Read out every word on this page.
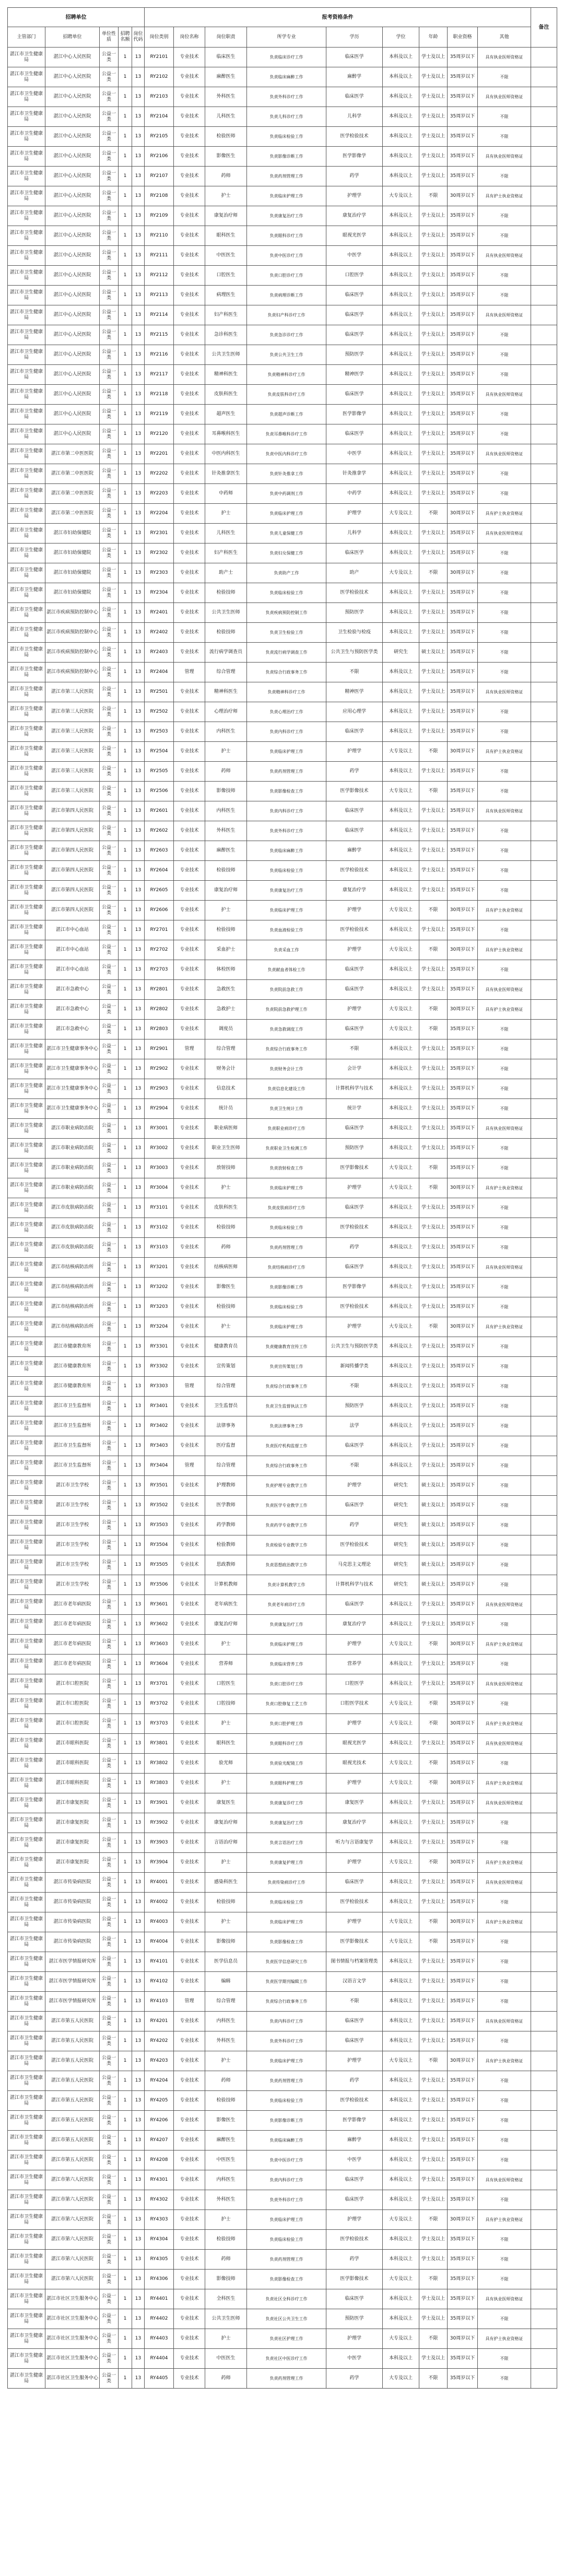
招聘单位					报考资格条件									备注
主管部门	招聘单位	单位性质	招聘名额	岗位代码	岗位类别	岗位名称	岗位职责	所学专业	学历	学位	年龄	职业资格	其他	
湛江市卫生健康局	湛江中心人民医院	公益一类	1	13	RY2101	专业技术	临床医生	负责临床诊疗工作	临床医学	本科及以上	学士及以上	35周岁以下	具有执业医师资格证	
湛江市卫生健康局	湛江中心人民医院	公益一类	1	13	RY2102	专业技术	麻醉医生	负责临床麻醉工作	麻醉学	本科及以上	学士及以上	35周岁以下	不限	
湛江市卫生健康局	湛江中心人民医院	公益一类	1	13	RY2103	专业技术	外科医生	负责外科诊疗工作	临床医学	本科及以上	学士及以上	35周岁以下	具有执业医师资格证	
湛江市卫生健康局	湛江中心人民医院	公益一类	1	13	RY2104	专业技术	儿科医生	负责儿科诊疗工作	儿科学	本科及以上	学士及以上	35周岁以下	不限	
湛江市卫生健康局	湛江中心人民医院	公益一类	1	13	RY2105	专业技术	检验医师	负责临床检验工作	医学检验技术	本科及以上	学士及以上	35周岁以下	不限	
湛江市卫生健康局	湛江中心人民医院	公益一类	1	13	RY2106	专业技术	影像医生	负责影像诊断工作	医学影像学	本科及以上	学士及以上	35周岁以下	具有执业医师资格证	
湛江市卫生健康局	湛江中心人民医院	公益一类	1	13	RY2107	专业技术	药师	负责药剂管理工作	药学	本科及以上	学士及以上	35周岁以下	不限	
湛江市卫生健康局	湛江中心人民医院	公益一类	1	13	RY2108	专业技术	护士	负责临床护理工作	护理学	大专及以上	不限	30周岁以下	具有护士执业资格证	
湛江市卫生健康局	湛江中心人民医院	公益一类	1	13	RY2109	专业技术	康复治疗师	负责康复治疗工作	康复治疗学	本科及以上	学士及以上	35周岁以下	不限	
湛江市卫生健康局	湛江中心人民医院	公益一类	1	13	RY2110	专业技术	眼科医生	负责眼科诊疗工作	眼视光医学	本科及以上	学士及以上	35周岁以下	不限	
湛江市卫生健康局	湛江中心人民医院	公益一类	1	13	RY2111	专业技术	中医医生	负责中医诊疗工作	中医学	本科及以上	学士及以上	35周岁以下	具有执业医师资格证	
湛江市卫生健康局	湛江中心人民医院	公益一类	1	13	RY2112	专业技术	口腔医生	负责口腔诊疗工作	口腔医学	本科及以上	学士及以上	35周岁以下	不限	
湛江市卫生健康局	湛江中心人民医院	公益一类	1	13	RY2113	专业技术	病理医生	负责病理诊断工作	临床医学	本科及以上	学士及以上	35周岁以下	不限	
湛江市卫生健康局	湛江中心人民医院	公益一类	1	13	RY2114	专业技术	妇产科医生	负责妇产科诊疗工作	临床医学	本科及以上	学士及以上	35周岁以下	具有执业医师资格证	
湛江市卫生健康局	湛江中心人民医院	公益一类	1	13	RY2115	专业技术	急诊科医生	负责急诊诊疗工作	临床医学	本科及以上	学士及以上	35周岁以下	不限	
湛江市卫生健康局	湛江中心人民医院	公益一类	1	13	RY2116	专业技术	公共卫生医师	负责公共卫生工作	预防医学	本科及以上	学士及以上	35周岁以下	不限	
湛江市卫生健康局	湛江中心人民医院	公益一类	1	13	RY2117	专业技术	精神科医生	负责精神科诊疗工作	精神医学	本科及以上	学士及以上	35周岁以下	不限	
湛江市卫生健康局	湛江中心人民医院	公益一类	1	13	RY2118	专业技术	皮肤科医生	负责皮肤科诊疗工作	临床医学	本科及以上	学士及以上	35周岁以下	具有执业医师资格证	
湛江市卫生健康局	湛江中心人民医院	公益一类	1	13	RY2119	专业技术	超声医生	负责超声诊断工作	医学影像学	本科及以上	学士及以上	35周岁以下	不限	
湛江市卫生健康局	湛江中心人民医院	公益一类	1	13	RY2120	专业技术	耳鼻喉科医生	负责耳鼻喉科诊疗工作	临床医学	本科及以上	学士及以上	35周岁以下	不限	
湛江市卫生健康局	湛江市第二中医医院	公益一类	1	13	RY2201	专业技术	中医内科医生	负责中医内科诊疗工作	中医学	本科及以上	学士及以上	35周岁以下	具有执业医师资格证	
湛江市卫生健康局	湛江市第二中医医院	公益一类	1	13	RY2202	专业技术	针灸推拿医生	负责针灸推拿工作	针灸推拿学	本科及以上	学士及以上	35周岁以下	不限	
湛江市卫生健康局	湛江市第二中医医院	公益一类	1	13	RY2203	专业技术	中药师	负责中药调剂工作	中药学	本科及以上	学士及以上	35周岁以下	不限	
湛江市卫生健康局	湛江市第二中医医院	公益一类	1	13	RY2204	专业技术	护士	负责临床护理工作	护理学	大专及以上	不限	30周岁以下	具有护士执业资格证	
湛江市卫生健康局	湛江市妇幼保健院	公益一类	1	13	RY2301	专业技术	儿科医生	负责儿童保健工作	儿科学	本科及以上	学士及以上	35周岁以下	具有执业医师资格证	
湛江市卫生健康局	湛江市妇幼保健院	公益一类	1	13	RY2302	专业技术	妇产科医生	负责妇女保健工作	临床医学	本科及以上	学士及以上	35周岁以下	不限	
湛江市卫生健康局	湛江市妇幼保健院	公益一类	1	13	RY2303	专业技术	助产士	负责助产工作	助产	大专及以上	不限	30周岁以下	不限	
湛江市卫生健康局	湛江市妇幼保健院	公益一类	1	13	RY2304	专业技术	检验技师	负责临床检验工作	医学检验技术	本科及以上	学士及以上	35周岁以下	不限	
湛江市卫生健康局	湛江市疾病预防控制中心	公益一类	1	13	RY2401	专业技术	公共卫生医师	负责疾病预防控制工作	预防医学	本科及以上	学士及以上	35周岁以下	不限	
湛江市卫生健康局	湛江市疾病预防控制中心	公益一类	1	13	RY2402	专业技术	检验技师	负责卫生检验工作	卫生检验与检疫	本科及以上	学士及以上	35周岁以下	不限	
湛江市卫生健康局	湛江市疾病预防控制中心	公益一类	1	13	RY2403	专业技术	流行病学调查员	负责流行病学调查工作	公共卫生与预防医学类	研究生	硕士及以上	35周岁以下	不限	
湛江市卫生健康局	湛江市疾病预防控制中心	公益一类	1	13	RY2404	管理	综合管理	负责综合行政事务工作	不限	本科及以上	学士及以上	35周岁以下	不限	
湛江市卫生健康局	湛江市第三人民医院	公益一类	1	13	RY2501	专业技术	精神科医生	负责精神科诊疗工作	精神医学	本科及以上	学士及以上	35周岁以下	具有执业医师资格证	
湛江市卫生健康局	湛江市第三人民医院	公益一类	1	13	RY2502	专业技术	心理治疗师	负责心理治疗工作	应用心理学	本科及以上	学士及以上	35周岁以下	不限	
湛江市卫生健康局	湛江市第三人民医院	公益一类	1	13	RY2503	专业技术	内科医生	负责内科诊疗工作	临床医学	本科及以上	学士及以上	35周岁以下	不限	
湛江市卫生健康局	湛江市第三人民医院	公益一类	1	13	RY2504	专业技术	护士	负责临床护理工作	护理学	大专及以上	不限	30周岁以下	具有护士执业资格证	
湛江市卫生健康局	湛江市第三人民医院	公益一类	1	13	RY2505	专业技术	药师	负责药剂管理工作	药学	本科及以上	学士及以上	35周岁以下	不限	
湛江市卫生健康局	湛江市第三人民医院	公益一类	1	13	RY2506	专业技术	影像技师	负责影像检查工作	医学影像技术	大专及以上	不限	35周岁以下	不限	
湛江市卫生健康局	湛江市第四人民医院	公益一类	1	13	RY2601	专业技术	内科医生	负责内科诊疗工作	临床医学	本科及以上	学士及以上	35周岁以下	具有执业医师资格证	
湛江市卫生健康局	湛江市第四人民医院	公益一类	1	13	RY2602	专业技术	外科医生	负责外科诊疗工作	临床医学	本科及以上	学士及以上	35周岁以下	不限	
湛江市卫生健康局	湛江市第四人民医院	公益一类	1	13	RY2603	专业技术	麻醉医生	负责临床麻醉工作	麻醉学	本科及以上	学士及以上	35周岁以下	不限	
湛江市卫生健康局	湛江市第四人民医院	公益一类	1	13	RY2604	专业技术	检验技师	负责临床检验工作	医学检验技术	本科及以上	学士及以上	35周岁以下	不限	
湛江市卫生健康局	湛江市第四人民医院	公益一类	1	13	RY2605	专业技术	康复治疗师	负责康复治疗工作	康复治疗学	本科及以上	学士及以上	35周岁以下	不限	
湛江市卫生健康局	湛江市第四人民医院	公益一类	1	13	RY2606	专业技术	护士	负责临床护理工作	护理学	大专及以上	不限	30周岁以下	具有护士执业资格证	
湛江市卫生健康局	湛江市中心血站	公益一类	1	13	RY2701	专业技术	检验技师	负责血液检验工作	医学检验技术	本科及以上	学士及以上	35周岁以下	不限	
湛江市卫生健康局	湛江市中心血站	公益一类	1	13	RY2702	专业技术	采血护士	负责采血工作	护理学	大专及以上	不限	30周岁以下	具有护士执业资格证	
湛江市卫生健康局	湛江市中心血站	公益一类	1	13	RY2703	专业技术	体检医师	负责献血者体检工作	临床医学	本科及以上	学士及以上	35周岁以下	不限	
湛江市卫生健康局	湛江市急救中心	公益一类	1	13	RY2801	专业技术	急救医生	负责院前急救工作	临床医学	本科及以上	学士及以上	35周岁以下	具有执业医师资格证	
湛江市卫生健康局	湛江市急救中心	公益一类	1	13	RY2802	专业技术	急救护士	负责院前急救护理工作	护理学	大专及以上	不限	30周岁以下	具有护士执业资格证	
湛江市卫生健康局	湛江市急救中心	公益一类	1	13	RY2803	专业技术	调度员	负责急救调度工作	临床医学	大专及以上	不限	35周岁以下	不限	
湛江市卫生健康局	湛江市卫生健康事务中心	公益一类	1	13	RY2901	管理	综合管理	负责综合行政事务工作	不限	本科及以上	学士及以上	35周岁以下	不限	
湛江市卫生健康局	湛江市卫生健康事务中心	公益一类	1	13	RY2902	专业技术	财务会计	负责财务会计工作	会计学	本科及以上	学士及以上	35周岁以下	不限	
湛江市卫生健康局	湛江市卫生健康事务中心	公益一类	1	13	RY2903	专业技术	信息技术	负责信息化建设工作	计算机科学与技术	本科及以上	学士及以上	35周岁以下	不限	
湛江市卫生健康局	湛江市卫生健康事务中心	公益一类	1	13	RY2904	专业技术	统计员	负责卫生统计工作	统计学	本科及以上	学士及以上	35周岁以下	不限	
湛江市卫生健康局	湛江市职业病防治院	公益一类	1	13	RY3001	专业技术	职业病医师	负责职业病诊疗工作	临床医学	本科及以上	学士及以上	35周岁以下	具有执业医师资格证	
湛江市卫生健康局	湛江市职业病防治院	公益一类	1	13	RY3002	专业技术	职业卫生医师	负责职业卫生检测工作	预防医学	本科及以上	学士及以上	35周岁以下	不限	
湛江市卫生健康局	湛江市职业病防治院	公益一类	1	13	RY3003	专业技术	放射技师	负责放射检查工作	医学影像技术	大专及以上	不限	35周岁以下	不限	
湛江市卫生健康局	湛江市职业病防治院	公益一类	1	13	RY3004	专业技术	护士	负责临床护理工作	护理学	大专及以上	不限	30周岁以下	具有护士执业资格证	
湛江市卫生健康局	湛江市皮肤病防治院	公益一类	1	13	RY3101	专业技术	皮肤科医生	负责皮肤病诊疗工作	临床医学	本科及以上	学士及以上	35周岁以下	不限	
湛江市卫生健康局	湛江市皮肤病防治院	公益一类	1	13	RY3102	专业技术	检验技师	负责临床检验工作	医学检验技术	本科及以上	学士及以上	35周岁以下	不限	
湛江市卫生健康局	湛江市皮肤病防治院	公益一类	1	13	RY3103	专业技术	药师	负责药剂管理工作	药学	本科及以上	学士及以上	35周岁以下	不限	
湛江市卫生健康局	湛江市结核病防治所	公益一类	1	13	RY3201	专业技术	结核病医师	负责结核病诊疗工作	临床医学	本科及以上	学士及以上	35周岁以下	具有执业医师资格证	
湛江市卫生健康局	湛江市结核病防治所	公益一类	1	13	RY3202	专业技术	影像医生	负责影像诊断工作	医学影像学	本科及以上	学士及以上	35周岁以下	不限	
湛江市卫生健康局	湛江市结核病防治所	公益一类	1	13	RY3203	专业技术	检验技师	负责临床检验工作	医学检验技术	本科及以上	学士及以上	35周岁以下	不限	
湛江市卫生健康局	湛江市结核病防治所	公益一类	1	13	RY3204	专业技术	护士	负责临床护理工作	护理学	大专及以上	不限	30周岁以下	具有护士执业资格证	
湛江市卫生健康局	湛江市健康教育所	公益一类	1	13	RY3301	专业技术	健康教育员	负责健康教育宣传工作	公共卫生与预防医学类	本科及以上	学士及以上	35周岁以下	不限	
湛江市卫生健康局	湛江市健康教育所	公益一类	1	13	RY3302	专业技术	宣传策划	负责宣传策划工作	新闻传播学类	本科及以上	学士及以上	35周岁以下	不限	
湛江市卫生健康局	湛江市健康教育所	公益一类	1	13	RY3303	管理	综合管理	负责综合行政事务工作	不限	本科及以上	学士及以上	35周岁以下	不限	
湛江市卫生健康局	湛江市卫生监督所	公益一类	1	13	RY3401	专业技术	卫生监督员	负责卫生监督执法工作	预防医学	本科及以上	学士及以上	35周岁以下	不限	
湛江市卫生健康局	湛江市卫生监督所	公益一类	1	13	RY3402	专业技术	法律事务	负责法律事务工作	法学	本科及以上	学士及以上	35周岁以下	不限	
湛江市卫生健康局	湛江市卫生监督所	公益一类	1	13	RY3403	专业技术	医疗监督	负责医疗机构监督工作	临床医学	本科及以上	学士及以上	35周岁以下	不限	
湛江市卫生健康局	湛江市卫生监督所	公益一类	1	13	RY3404	管理	综合管理	负责综合行政事务工作	不限	本科及以上	学士及以上	35周岁以下	不限	
湛江市卫生健康局	湛江市卫生学校	公益一类	1	13	RY3501	专业技术	护理教师	负责护理专业教学工作	护理学	研究生	硕士及以上	35周岁以下	不限	
湛江市卫生健康局	湛江市卫生学校	公益一类	1	13	RY3502	专业技术	医学教师	负责医学专业教学工作	临床医学	研究生	硕士及以上	35周岁以下	不限	
湛江市卫生健康局	湛江市卫生学校	公益一类	1	13	RY3503	专业技术	药学教师	负责药学专业教学工作	药学	研究生	硕士及以上	35周岁以下	不限	
湛江市卫生健康局	湛江市卫生学校	公益一类	1	13	RY3504	专业技术	检验教师	负责检验专业教学工作	医学检验技术	研究生	硕士及以上	35周岁以下	不限	
湛江市卫生健康局	湛江市卫生学校	公益一类	1	13	RY3505	专业技术	思政教师	负责思想政治教学工作	马克思主义理论	研究生	硕士及以上	35周岁以下	不限	
湛江市卫生健康局	湛江市卫生学校	公益一类	1	13	RY3506	专业技术	计算机教师	负责计算机教学工作	计算机科学与技术	研究生	硕士及以上	35周岁以下	不限	
湛江市卫生健康局	湛江市老年病医院	公益一类	1	13	RY3601	专业技术	老年病医生	负责老年病诊疗工作	临床医学	本科及以上	学士及以上	35周岁以下	具有执业医师资格证	
湛江市卫生健康局	湛江市老年病医院	公益一类	1	13	RY3602	专业技术	康复治疗师	负责康复治疗工作	康复治疗学	本科及以上	学士及以上	35周岁以下	不限	
湛江市卫生健康局	湛江市老年病医院	公益一类	1	13	RY3603	专业技术	护士	负责临床护理工作	护理学	大专及以上	不限	30周岁以下	具有护士执业资格证	
湛江市卫生健康局	湛江市老年病医院	公益一类	1	13	RY3604	专业技术	营养师	负责临床营养工作	营养学	本科及以上	学士及以上	35周岁以下	不限	
湛江市卫生健康局	湛江市口腔医院	公益一类	1	13	RY3701	专业技术	口腔医生	负责口腔诊疗工作	口腔医学	本科及以上	学士及以上	35周岁以下	具有执业医师资格证	
湛江市卫生健康局	湛江市口腔医院	公益一类	1	13	RY3702	专业技术	口腔技师	负责口腔修复工艺工作	口腔医学技术	大专及以上	不限	35周岁以下	不限	
湛江市卫生健康局	湛江市口腔医院	公益一类	1	13	RY3703	专业技术	护士	负责口腔护理工作	护理学	大专及以上	不限	30周岁以下	具有护士执业资格证	
湛江市卫生健康局	湛江市眼科医院	公益一类	1	13	RY3801	专业技术	眼科医生	负责眼科诊疗工作	眼视光医学	本科及以上	学士及以上	35周岁以下	具有执业医师资格证	
湛江市卫生健康局	湛江市眼科医院	公益一类	1	13	RY3802	专业技术	验光师	负责验光配镜工作	眼视光技术	大专及以上	不限	35周岁以下	不限	
湛江市卫生健康局	湛江市眼科医院	公益一类	1	13	RY3803	专业技术	护士	负责眼科护理工作	护理学	大专及以上	不限	30周岁以下	具有护士执业资格证	
湛江市卫生健康局	湛江市康复医院	公益一类	1	13	RY3901	专业技术	康复医生	负责康复诊疗工作	康复医学	本科及以上	学士及以上	35周岁以下	具有执业医师资格证	
湛江市卫生健康局	湛江市康复医院	公益一类	1	13	RY3902	专业技术	康复治疗师	负责康复治疗工作	康复治疗学	本科及以上	学士及以上	35周岁以下	不限	
湛江市卫生健康局	湛江市康复医院	公益一类	1	13	RY3903	专业技术	言语治疗师	负责言语治疗工作	听力与言语康复学	本科及以上	学士及以上	35周岁以下	不限	
湛江市卫生健康局	湛江市康复医院	公益一类	1	13	RY3904	专业技术	护士	负责康复护理工作	护理学	大专及以上	不限	30周岁以下	具有护士执业资格证	
湛江市卫生健康局	湛江市传染病医院	公益一类	1	13	RY4001	专业技术	感染科医生	负责传染病诊疗工作	临床医学	本科及以上	学士及以上	35周岁以下	具有执业医师资格证	
湛江市卫生健康局	湛江市传染病医院	公益一类	1	13	RY4002	专业技术	检验技师	负责临床检验工作	医学检验技术	本科及以上	学士及以上	35周岁以下	不限	
湛江市卫生健康局	湛江市传染病医院	公益一类	1	13	RY4003	专业技术	护士	负责临床护理工作	护理学	大专及以上	不限	30周岁以下	具有护士执业资格证	
湛江市卫生健康局	湛江市传染病医院	公益一类	1	13	RY4004	专业技术	影像技师	负责影像检查工作	医学影像技术	大专及以上	不限	35周岁以下	不限	
湛江市卫生健康局	湛江市医学情报研究所	公益一类	1	13	RY4101	专业技术	医学信息员	负责医学信息研究工作	图书情报与档案管理类	本科及以上	学士及以上	35周岁以下	不限	
湛江市卫生健康局	湛江市医学情报研究所	公益一类	1	13	RY4102	专业技术	编辑	负责医学期刊编辑工作	汉语言文学	本科及以上	学士及以上	35周岁以下	不限	
湛江市卫生健康局	湛江市医学情报研究所	公益一类	1	13	RY4103	管理	综合管理	负责综合行政事务工作	不限	本科及以上	学士及以上	35周岁以下	不限	
湛江市卫生健康局	湛江市第五人民医院	公益一类	1	13	RY4201	专业技术	内科医生	负责内科诊疗工作	临床医学	本科及以上	学士及以上	35周岁以下	具有执业医师资格证	
湛江市卫生健康局	湛江市第五人民医院	公益一类	1	13	RY4202	专业技术	外科医生	负责外科诊疗工作	临床医学	本科及以上	学士及以上	35周岁以下	不限	
湛江市卫生健康局	湛江市第五人民医院	公益一类	1	13	RY4203	专业技术	护士	负责临床护理工作	护理学	大专及以上	不限	30周岁以下	具有护士执业资格证	
湛江市卫生健康局	湛江市第五人民医院	公益一类	1	13	RY4204	专业技术	药师	负责药剂管理工作	药学	本科及以上	学士及以上	35周岁以下	不限	
湛江市卫生健康局	湛江市第五人民医院	公益一类	1	13	RY4205	专业技术	检验技师	负责临床检验工作	医学检验技术	本科及以上	学士及以上	35周岁以下	不限	
湛江市卫生健康局	湛江市第五人民医院	公益一类	1	13	RY4206	专业技术	影像医生	负责影像诊断工作	医学影像学	本科及以上	学士及以上	35周岁以下	不限	
湛江市卫生健康局	湛江市第五人民医院	公益一类	1	13	RY4207	专业技术	麻醉医生	负责临床麻醉工作	麻醉学	本科及以上	学士及以上	35周岁以下	不限	
湛江市卫生健康局	湛江市第五人民医院	公益一类	1	13	RY4208	专业技术	中医医生	负责中医诊疗工作	中医学	本科及以上	学士及以上	35周岁以下	不限	
湛江市卫生健康局	湛江市第六人民医院	公益一类	1	13	RY4301	专业技术	内科医生	负责内科诊疗工作	临床医学	本科及以上	学士及以上	35周岁以下	具有执业医师资格证	
湛江市卫生健康局	湛江市第六人民医院	公益一类	1	13	RY4302	专业技术	外科医生	负责外科诊疗工作	临床医学	本科及以上	学士及以上	35周岁以下	不限	
湛江市卫生健康局	湛江市第六人民医院	公益一类	1	13	RY4303	专业技术	护士	负责临床护理工作	护理学	大专及以上	不限	30周岁以下	具有护士执业资格证	
湛江市卫生健康局	湛江市第六人民医院	公益一类	1	13	RY4304	专业技术	检验技师	负责临床检验工作	医学检验技术	本科及以上	学士及以上	35周岁以下	不限	
湛江市卫生健康局	湛江市第六人民医院	公益一类	1	13	RY4305	专业技术	药师	负责药剂管理工作	药学	本科及以上	学士及以上	35周岁以下	不限	
湛江市卫生健康局	湛江市第六人民医院	公益一类	1	13	RY4306	专业技术	影像技师	负责影像检查工作	医学影像技术	大专及以上	不限	35周岁以下	不限	
湛江市卫生健康局	湛江市社区卫生服务中心	公益一类	1	13	RY4401	专业技术	全科医生	负责社区全科诊疗工作	临床医学	本科及以上	学士及以上	35周岁以下	具有执业医师资格证	
湛江市卫生健康局	湛江市社区卫生服务中心	公益一类	1	13	RY4402	专业技术	公共卫生医师	负责社区公共卫生工作	预防医学	本科及以上	学士及以上	35周岁以下	不限	
湛江市卫生健康局	湛江市社区卫生服务中心	公益一类	1	13	RY4403	专业技术	护士	负责社区护理工作	护理学	大专及以上	不限	30周岁以下	具有护士执业资格证	
湛江市卫生健康局	湛江市社区卫生服务中心	公益一类	1	13	RY4404	专业技术	中医医生	负责社区中医诊疗工作	中医学	本科及以上	学士及以上	35周岁以下	不限	
湛江市卫生健康局	湛江市社区卫生服务中心	公益一类	1	13	RY4405	专业技术	药师	负责药剂管理工作	药学	大专及以上	不限	35周岁以下	不限	
